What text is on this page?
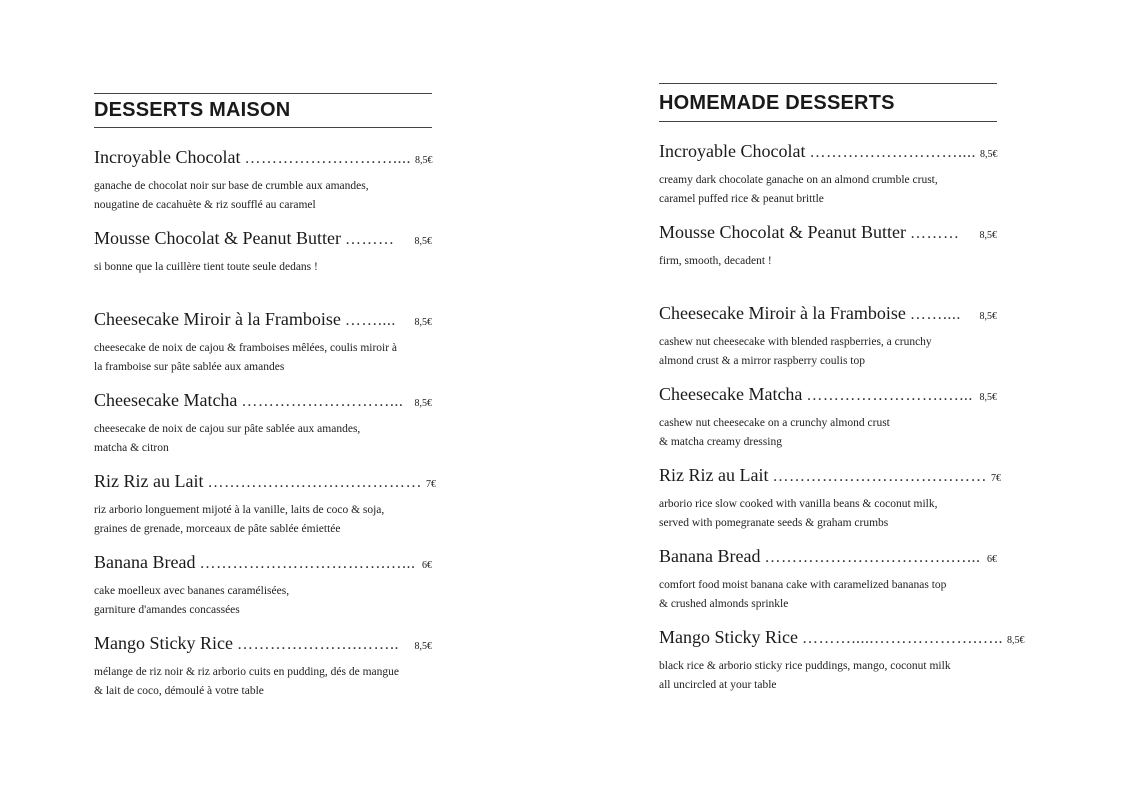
DESSERTS MAISON
Incroyable Chocolat ……………………….... 8,5€
ganache de chocolat noir sur base de crumble aux amandes,
nougatine de cacahuète & riz soufflé au caramel
Mousse Chocolat & Peanut Butter ………	8,5€
si bonne que la cuillère tient toute seule dedans !
Cheesecake Miroir à la Framboise ……....	8,5€
cheesecake de noix de cajou & framboises mêlées, coulis miroir à
la framboise sur pâte sablée aux amandes
Cheesecake Matcha ………………………...	8,5€
cheesecake de noix de cajou sur pâte sablée aux amandes,
matcha & citron
Riz Riz au Lait ………………………………… 7€
riz arborio longuement mijoté à la vanille, laits de coco & soja,
graines de grenade, morceaux de pâte sablée émiettée
Banana Bread …………………………….…... 6€
cake moelleux avec bananes caramélisées,
garniture d'amandes concassées
Mango Sticky Rice ………………….……..	8,5€
mélange de riz noir & riz arborio cuits en pudding, dés de mangue
& lait de coco, démoulé à votre table
HOMEMADE DESSERTS
Incroyable Chocolat ……………………….... 8,5€
creamy dark chocolate ganache on an almond crumble crust,
caramel puffed rice & peanut brittle
Mousse Chocolat & Peanut Butter ………	8,5€
firm, smooth, decadent !
Cheesecake Miroir à la Framboise ……....	8,5€
cashew nut cheesecake with blended raspberries, a crunchy
almond crust & a mirror raspberry coulis top
Cheesecake Matcha …………………….…... 8,5€
cashew nut cheesecake on a crunchy almond crust
& matcha creamy dressing
Riz Riz au Lait ………………………………… 7€
arborio rice slow cooked with vanilla beans & coconut milk,
served with pomegranate seeds & graham crumbs
Banana Bread …………………………….…... 6€
comfort food moist banana cake with caramelized bananas top
& crushed almonds sprinkle
Mango Sticky Rice ……….....……………….….. 8,5€
black rice & arborio sticky rice puddings, mango, coconut milk
all uncircled at your table
